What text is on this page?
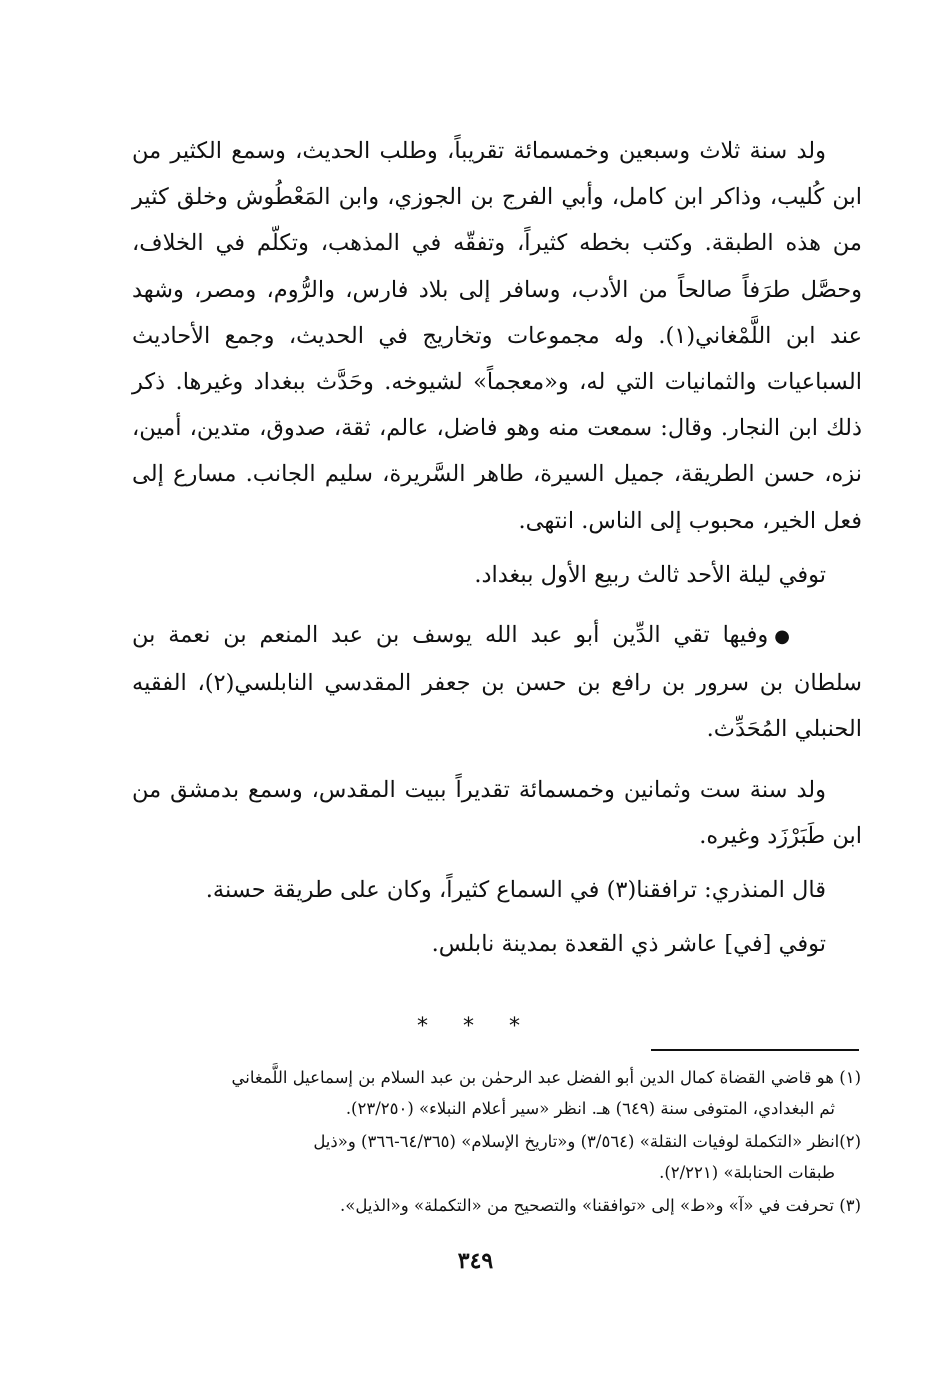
ولد سنة ثلاث وسبعين وخمسمائة تقريباً، وطلب الحديث، وسمع الكثير من ابن كُليب، وذاكر ابن كامل، وأبي الفرج بن الجوزي، وابن المَعْطُوش وخلق كثير من هذه الطبقة. وكتب بخطه كثيراً، وتفقّه في المذهب، وتكلّم في الخلاف، وحصَّل طرَفاً صالحاً من الأدب، وسافر إلى بلاد فارس، والرُّوم، ومصر، وشهد عند ابن اللَّمْغاني(١). وله مجموعات وتخاريج في الحديث، وجمع الأحاديث السباعيات والثمانيات التي له، و«معجماً» لشيوخه. وحَدَّث ببغداد وغيرها. ذكر ذلك ابن النجار. وقال: سمعت منه وهو فاضل، عالم، ثقة، صدوق، متدين، أمين، نزه، حسن الطريقة، جميل السيرة، طاهر السَّريرة، سليم الجانب. مسارع إلى فعل الخير، محبوب إلى الناس. انتهى.

توفي ليلة الأحد ثالث ربيع الأول ببغداد.

●وفيها تقي الدِّين أبو عبد الله يوسف بن عبد المنعم بن نعمة بن سلطان بن سرور بن رافع بن حسن بن جعفر المقدسي النابلسي(٢)، الفقيه الحنبلي المُحَدِّث.

ولد سنة ست وثمانين وخمسمائة تقديراً ببيت المقدس، وسمع بدمشق من ابن طَبَرْزَد وغيره.

قال المنذري: ترافقنا(٣) في السماع كثيراً، وكان على طريقة حسنة.

توفي [في] عاشر ذي القعدة بمدينة نابلس.

* * *

(١) هو قاضي القضاة كمال الدين أبو الفضل عبد الرحمٰن بن عبد السلام بن إسماعيل اللَّمغاني
ثم البغدادي، المتوفى سنة (٦٤٩) هـ. انظر «سير أعلام النبلاء» (٢٣/٢٥٠).

(٢)انظر «التكملة لوفيات النقلة» (٣/٥٦٤) و«تاريخ الإسلام» (٦٤/٣٦٥-٣٦٦) و«ذيل
طبقات الحنابلة» (٢/٢٢١).

(٣) تحرفت في «آ» و«ط» إلى «توافقنا» والتصحيح من «التكملة» و«الذيل».

٣٤٩
